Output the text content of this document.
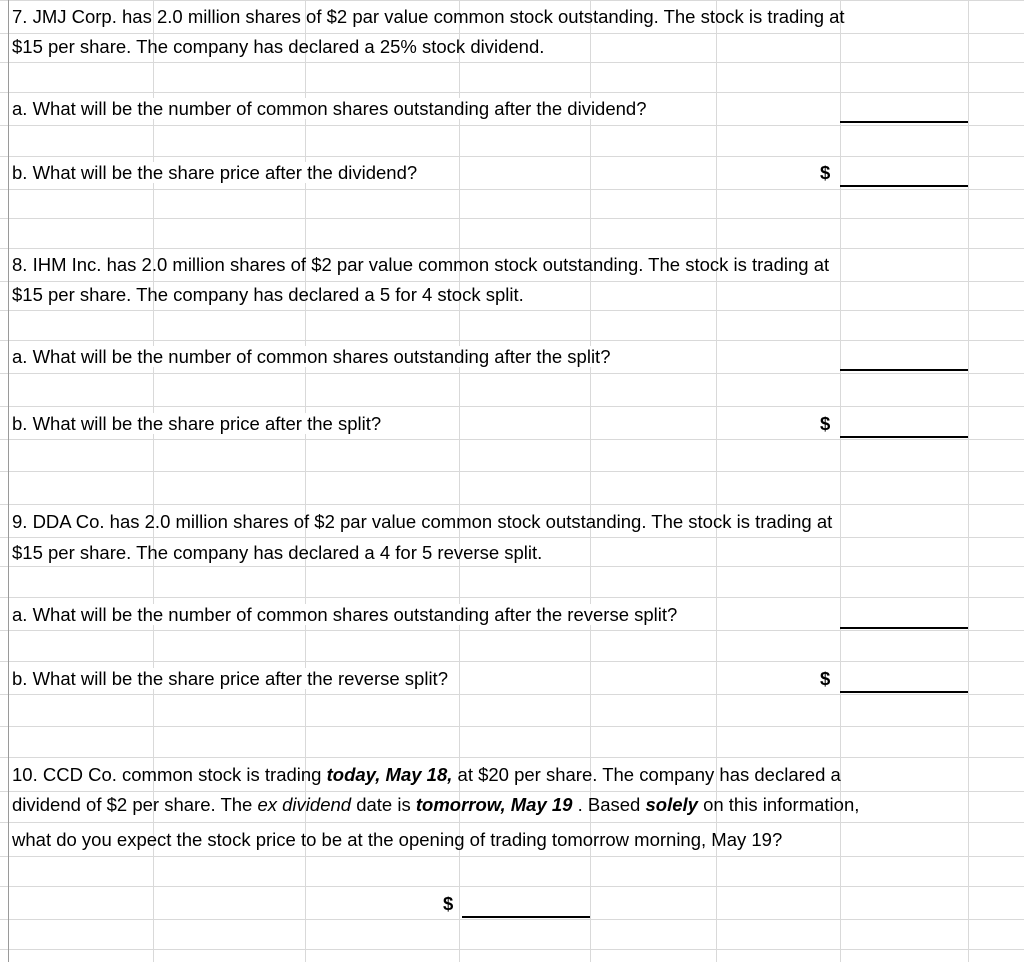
7. JMJ Corp. has 2.0 million shares of $2 par value common stock outstanding. The stock is trading at
$15 per share. The company has declared a 25% stock dividend.
a. What will be the number of common shares outstanding after the dividend?
b. What will be the share price after the dividend?	$
8. IHM Inc. has 2.0 million shares of $2 par value common stock outstanding. The stock is trading at
$15 per share. The company has declared a 5 for 4 stock split.
a. What will be the number of common shares outstanding after the split?
b. What will be the share price after the split?	$
9. DDA Co. has 2.0 million shares of $2 par value common stock outstanding. The stock is trading at
$15 per share. The company has declared a 4 for 5 reverse split.
a. What will be the number of common shares outstanding after the reverse split?
b. What will be the share price after the reverse split?	$
10. CCD Co. common stock is trading today, May 18, at $20 per share. The company has declared a
dividend of $2 per share. The ex dividend date is tomorrow, May 19 . Based solely on this information,
what do you expect the stock price to be at the opening of trading tomorrow morning, May 19?
$
